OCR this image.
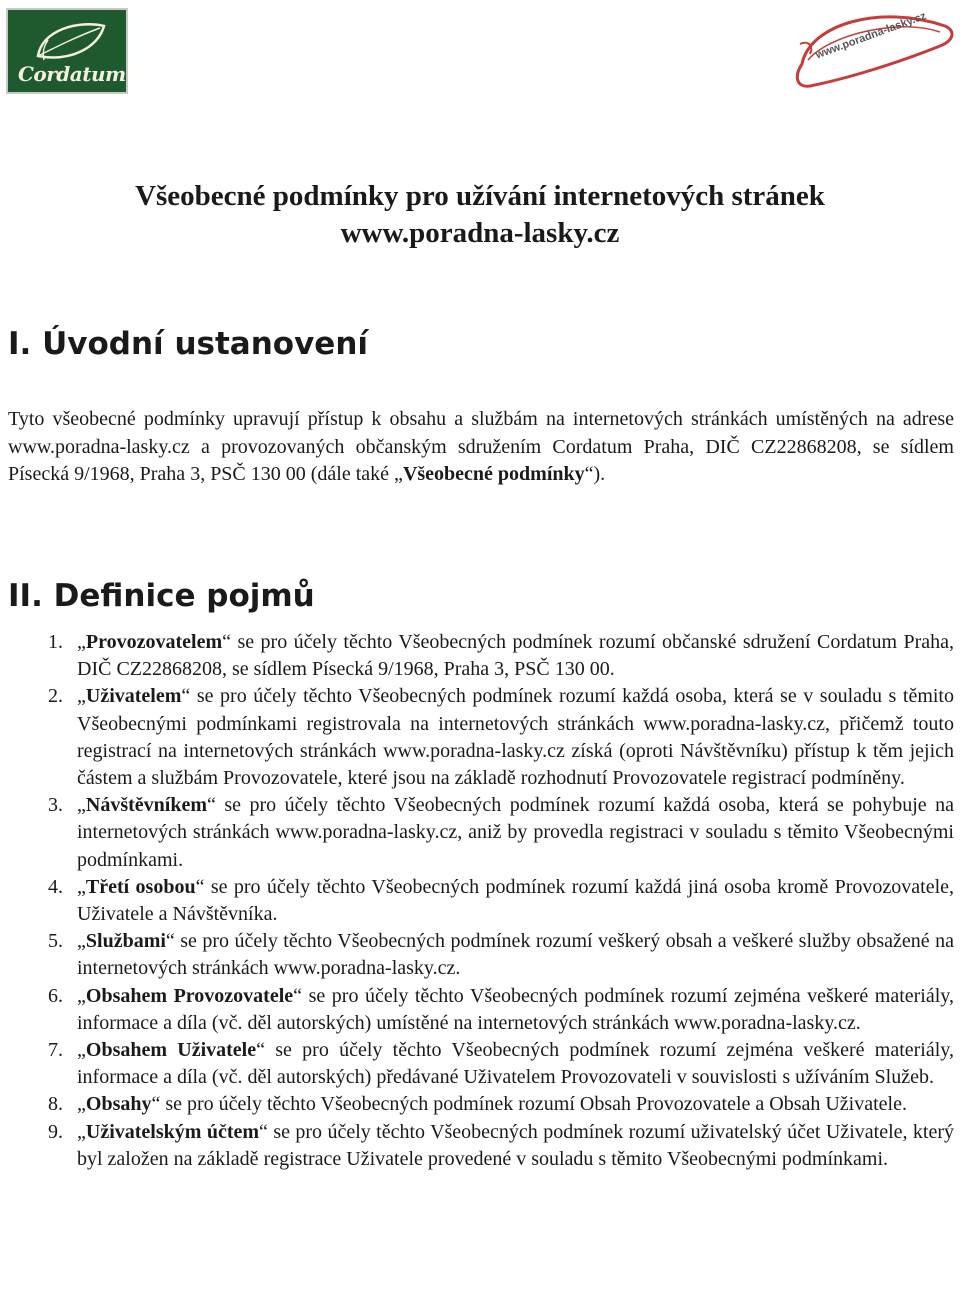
Cordatum
www.poradna-lasky.cz
Všeobecné podmínky pro užívání internetových stránek
www.poradna-lasky.cz
I. Úvodní ustanovení

Tyto všeobecné podmínky upravují přístup k obsahu a službám na internetových stránkách umístěných na adrese www.poradna-lasky.cz a provozovaných občanským sdružením Cordatum Praha, DIČ CZ22868208, se sídlem Písecká 9/1968, Praha 3, PSČ 130 00 (dále také „Všeobecné podmínky“).

II. Definice pojmů
1. „Provozovatelem“ se pro účely těchto Všeobecných podmínek rozumí občanské sdružení Cordatum Praha, DIČ CZ22868208, se sídlem Písecká 9/1968, Praha 3, PSČ 130 00.
2. „Uživatelem“ se pro účely těchto Všeobecných podmínek rozumí každá osoba, která se v souladu s těmito Všeobecnými podmínkami registrovala na internetových stránkách www.poradna-lasky.cz, přičemž touto registrací na internetových stránkách www.poradna-lasky.cz získá (oproti Návštěvníku) přístup k těm jejich částem a službám Provozovatele, které jsou na základě rozhodnutí Provozovatele registrací podmíněny.
3. „Návštěvníkem“ se pro účely těchto Všeobecných podmínek rozumí každá osoba, která se pohybuje na internetových stránkách www.poradna-lasky.cz, aniž by provedla registraci v souladu s těmito Všeobecnými podmínkami.
4. „Třetí osobou“ se pro účely těchto Všeobecných podmínek rozumí každá jiná osoba kromě Provozovatele, Uživatele a Návštěvníka.
5. „Službami“ se pro účely těchto Všeobecných podmínek rozumí veškerý obsah a veškeré služby obsažené na internetových stránkách www.poradna-lasky.cz.
6. „Obsahem Provozovatele“ se pro účely těchto Všeobecných podmínek rozumí zejména veškeré materiály, informace a díla (vč. děl autorských) umístěné na internetových stránkách www.poradna-lasky.cz.
7. „Obsahem Uživatele“ se pro účely těchto Všeobecných podmínek rozumí zejména veškeré materiály, informace a díla (vč. děl autorských) předávané Uživatelem Provozovateli v souvislosti s užíváním Služeb.
8. „Obsahy“ se pro účely těchto Všeobecných podmínek rozumí Obsah Provozovatele a Obsah Uživatele.
9. „Uživatelským účtem“ se pro účely těchto Všeobecných podmínek rozumí uživatelský účet Uživatele, který byl založen na základě registrace Uživatele provedené v souladu s těmito Všeobecnými podmínkami.
